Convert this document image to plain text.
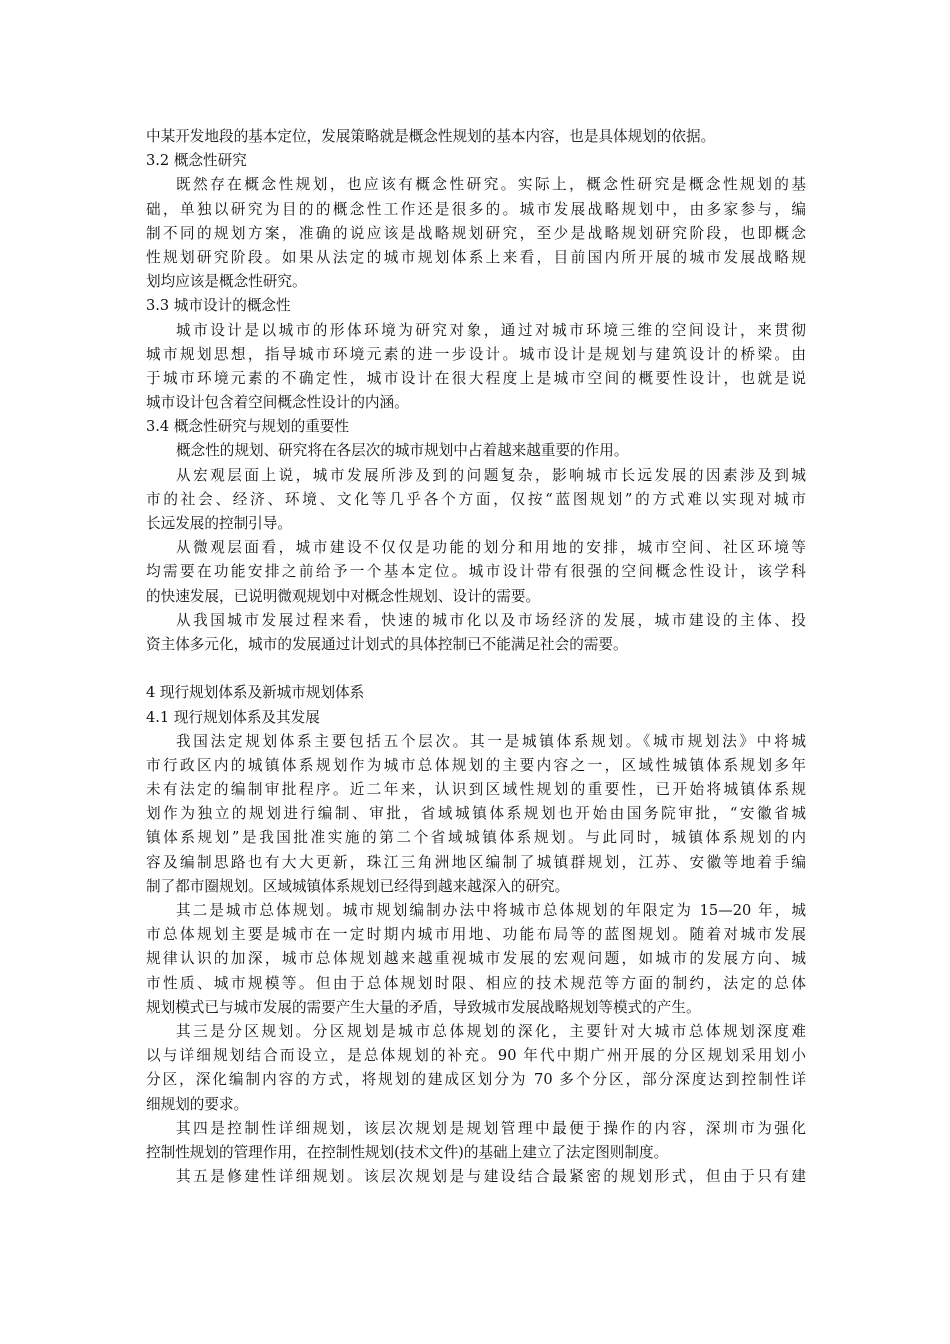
中某开发地段的基本定位，发展策略就是概念性规划的基本内容，也是具体规划的依据。
3.2 概念性研究
既然存在概念性规划，也应该有概念性研究。实际上，概念性研究是概念性规划的基
础，单独以研究为目的的概念性工作还是很多的。城市发展战略规划中，由多家参与，编
制不同的规划方案，准确的说应该是战略规划研究，至少是战略规划研究阶段，也即概念
性规划研究阶段。如果从法定的城市规划体系上来看，目前国内所开展的城市发展战略规
划均应该是概念性研究。
3.3 城市设计的概念性
城市设计是以城市的形体环境为研究对象，通过对城市环境三维的空间设计，来贯彻
城市规划思想，指导城市环境元素的进一步设计。城市设计是规划与建筑设计的桥梁。由
于城市环境元素的不确定性，城市设计在很大程度上是城市空间的概要性设计，也就是说
城市设计包含着空间概念性设计的内涵。
3.4 概念性研究与规划的重要性
概念性的规划、研究将在各层次的城市规划中占着越来越重要的作用。
从宏观层面上说，城市发展所涉及到的问题复杂，影响城市长远发展的因素涉及到城
市的社会、经济、环境、文化等几乎各个方面，仅按“蓝图规划”的方式难以实现对城市
长远发展的控制引导。
从微观层面看，城市建设不仅仅是功能的划分和用地的安排，城市空间、社区环境等
均需要在功能安排之前给予一个基本定位。城市设计带有很强的空间概念性设计，该学科
的快速发展，已说明微观规划中对概念性规划、设计的需要。
从我国城市发展过程来看，快速的城市化以及市场经济的发展，城市建设的主体、投
资主体多元化，城市的发展通过计划式的具体控制已不能满足社会的需要。
4 现行规划体系及新城市规划体系
4.1 现行规划体系及其发展
我国法定规划体系主要包括五个层次。其一是城镇体系规划。《城市规划法》中将城
市行政区内的城镇体系规划作为城市总体规划的主要内容之一，区域性城镇体系规划多年
未有法定的编制审批程序。近二年来，认识到区域性规划的重要性，已开始将城镇体系规
划作为独立的规划进行编制、审批，省域城镇体系规划也开始由国务院审批，“安徽省城
镇体系规划”是我国批准实施的第二个省域城镇体系规划。与此同时，城镇体系规划的内
容及编制思路也有大大更新，珠江三角洲地区编制了城镇群规划，江苏、安徽等地着手编
制了都市圈规划。区域城镇体系规划已经得到越来越深入的研究。
其二是城市总体规划。城市规划编制办法中将城市总体规划的年限定为 15—20 年，城
市总体规划主要是城市在一定时期内城市用地、功能布局等的蓝图规划。随着对城市发展
规律认识的加深，城市总体规划越来越重视城市发展的宏观问题，如城市的发展方向、城
市性质、城市规模等。但由于总体规划时限、相应的技术规范等方面的制约，法定的总体
规划模式已与城市发展的需要产生大量的矛盾，导致城市发展战略规划等模式的产生。
其三是分区规划。分区规划是城市总体规划的深化，主要针对大城市总体规划深度难
以与详细规划结合而设立，是总体规划的补充。90 年代中期广州开展的分区规划采用划小
分区，深化编制内容的方式，将规划的建成区划分为 70 多个分区，部分深度达到控制性详
细规划的要求。
其四是控制性详细规划，该层次规划是规划管理中最便于操作的内容，深圳市为强化
控制性规划的管理作用，在控制性规划(技术文件)的基础上建立了法定图则制度。
其五是修建性详细规划。该层次规划是与建设结合最紧密的规划形式，但由于只有建
